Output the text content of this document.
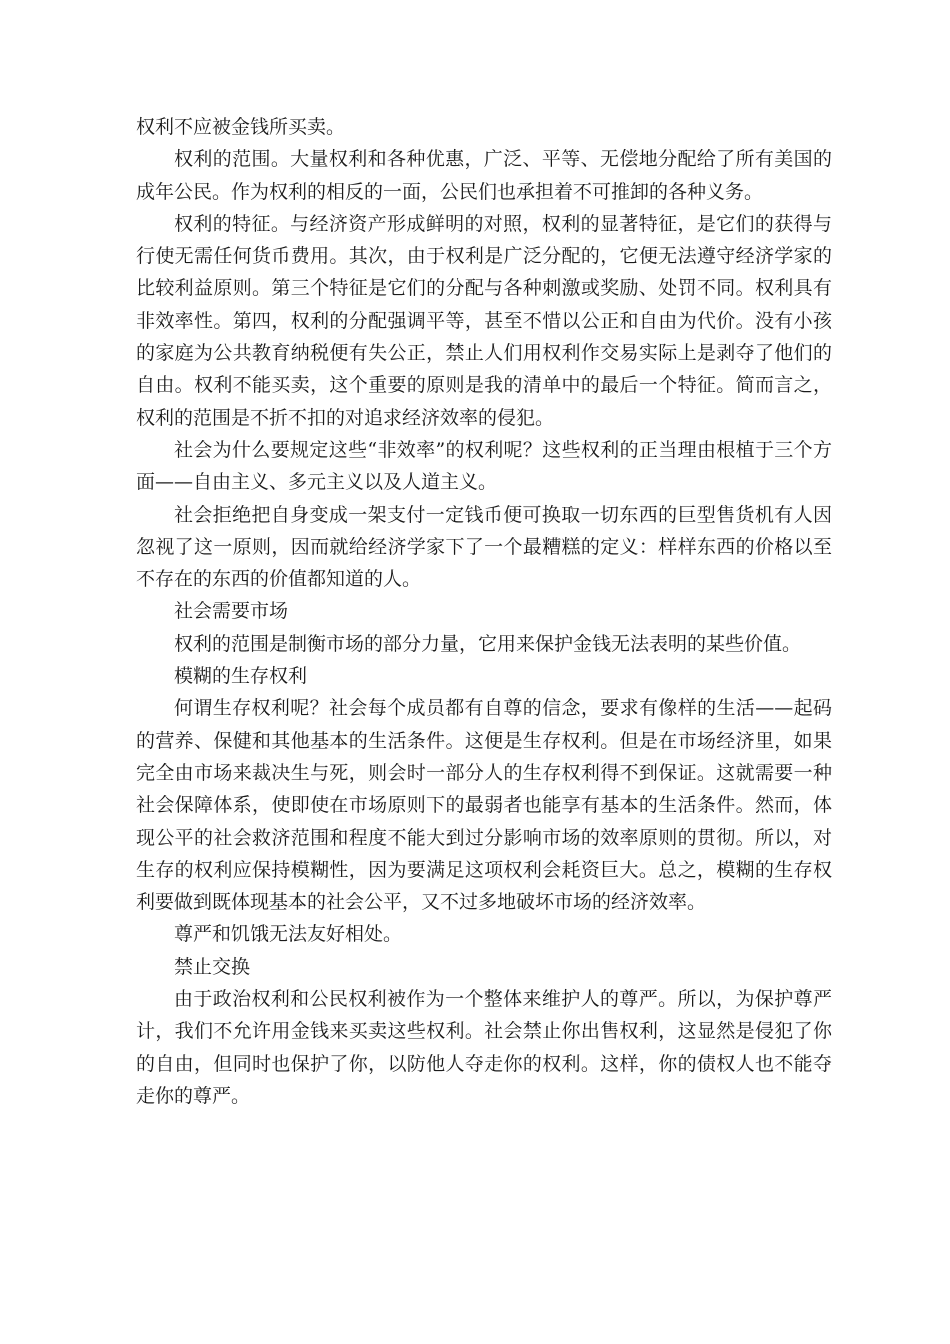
权利不应被金钱所买卖。

权利的范围。大量权利和各种优惠，广泛、平等、无偿地分配给了所有美国的成年公民。作为权利的相反的一面，公民们也承担着不可推卸的各种义务。

权利的特征。与经济资产形成鲜明的对照，权利的显著特征，是它们的获得与行使无需任何货币费用。其次，由于权利是广泛分配的，它便无法遵守经济学家的比较利益原则。第三个特征是它们的分配与各种刺激或奖励、处罚不同。权利具有非效率性。第四，权利的分配强调平等，甚至不惜以公正和自由为代价。没有小孩的家庭为公共教育纳税便有失公正，禁止人们用权利作交易实际上是剥夺了他们的自由。权利不能买卖，这个重要的原则是我的清单中的最后一个特征。简而言之，权利的范围是不折不扣的对追求经济效率的侵犯。

社会为什么要规定这些“非效率”的权利呢？这些权利的正当理由根植于三个方面——自由主义、多元主义以及人道主义。

社会拒绝把自身变成一架支付一定钱币便可换取一切东西的巨型售货机有人因忽视了这一原则，因而就给经济学家下了一个最糟糕的定义：样样东西的价格以至不存在的东西的价值都知道的人。

社会需要市场

权利的范围是制衡市场的部分力量，它用来保护金钱无法表明的某些价值。

模糊的生存权利

何谓生存权利呢？社会每个成员都有自尊的信念，要求有像样的生活——起码的营养、保健和其他基本的生活条件。这便是生存权利。但是在市场经济里，如果完全由市场来裁决生与死，则会时一部分人的生存权利得不到保证。这就需要一种社会保障体系，使即使在市场原则下的最弱者也能享有基本的生活条件。然而，体现公平的社会救济范围和程度不能大到过分影响市场的效率原则的贯彻。所以，对生存的权利应保持模糊性，因为要满足这项权利会耗资巨大。总之，模糊的生存权利要做到既体现基本的社会公平，又不过多地破坏市场的经济效率。

尊严和饥饿无法友好相处。

禁止交换

由于政治权利和公民权利被作为一个整体来维护人的尊严。所以，为保护尊严计，我们不允许用金钱来买卖这些权利。社会禁止你出售权利，这显然是侵犯了你的自由，但同时也保护了你，以防他人夺走你的权利。这样，你的债权人也不能夺走你的尊严。
